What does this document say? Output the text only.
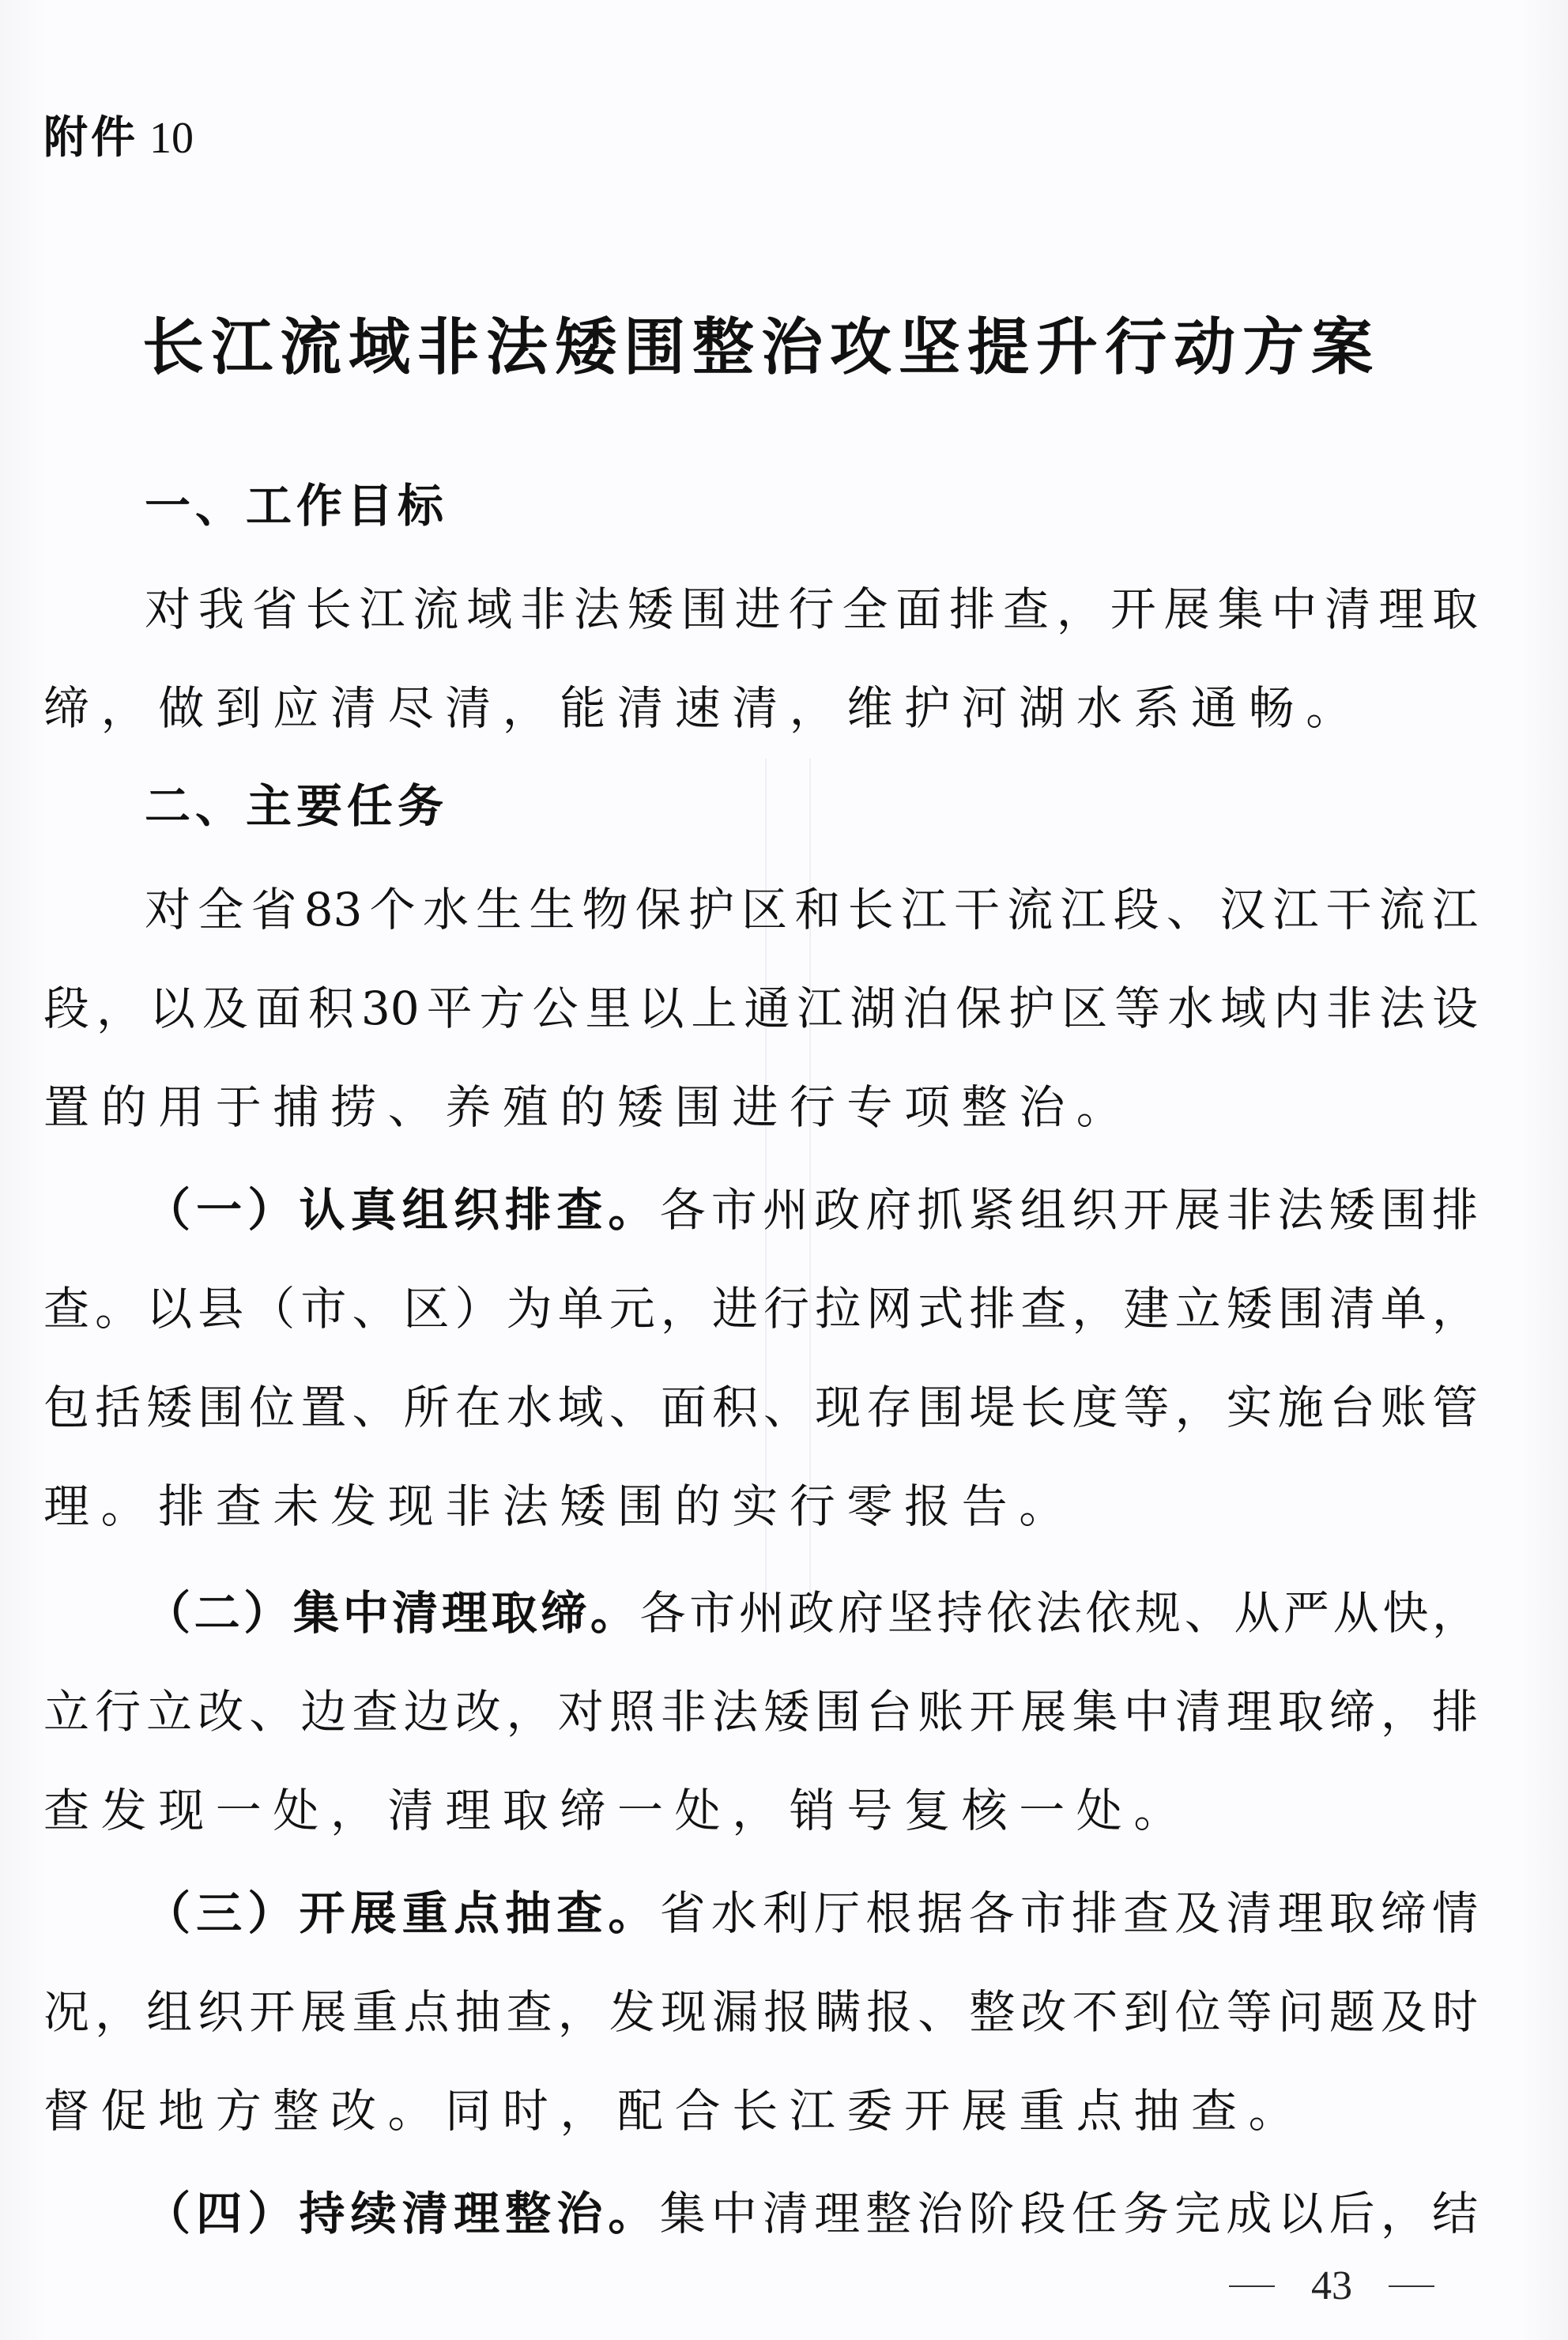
附件 10
长江流域非法矮围整治攻坚提升行动方案
一、工作目标
对我省长江流域非法矮围进行全面排查，开展集中清理取
缔，做到应清尽清，能清速清，维护河湖水系通畅。
二、主要任务
对全省83个水生生物保护区和长江干流江段、汉江干流江
段，以及面积30平方公里以上通江湖泊保护区等水域内非法设
置的用于捕捞、养殖的矮围进行专项整治。
（一）认真组织排查。各市州政府抓紧组织开展非法矮围排
查。以县（市、区）为单元，进行拉网式排查，建立矮围清单，
包括矮围位置、所在水域、面积、现存围堤长度等，实施台账管
理。排查未发现非法矮围的实行零报告。
（二）集中清理取缔。各市州政府坚持依法依规、从严从快，
立行立改、边查边改，对照非法矮围台账开展集中清理取缔，排
查发现一处，清理取缔一处，销号复核一处。
（三）开展重点抽查。省水利厅根据各市排查及清理取缔情
况，组织开展重点抽查，发现漏报瞒报、整改不到位等问题及时
督促地方整改。同时，配合长江委开展重点抽查。
（四）持续清理整治。集中清理整治阶段任务完成以后，结
43
